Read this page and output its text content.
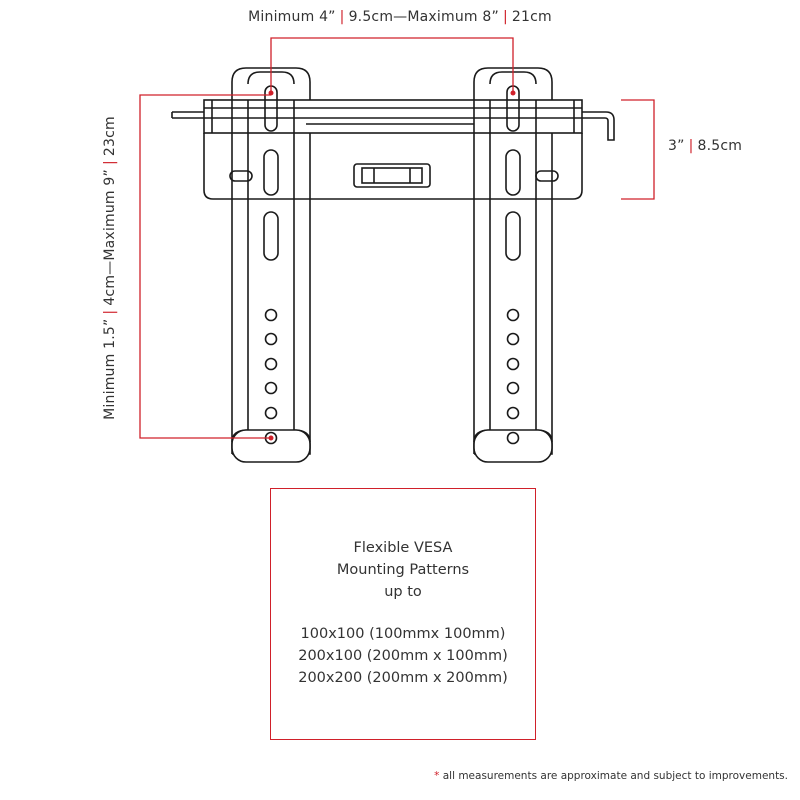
Minimum 4” | 9.5cm—Maximum 8” | 21cm
3” | 8.5cm
Minimum 1.5”|4cm—Maximum 9”|23cm
Flexible VESA
Mounting Patterns
up to
100x100 (100mmx 100mm)
200x100 (200mm x 100mm)
200x200 (200mm x 200mm)
* all measurements are approximate and subject to improvements.
